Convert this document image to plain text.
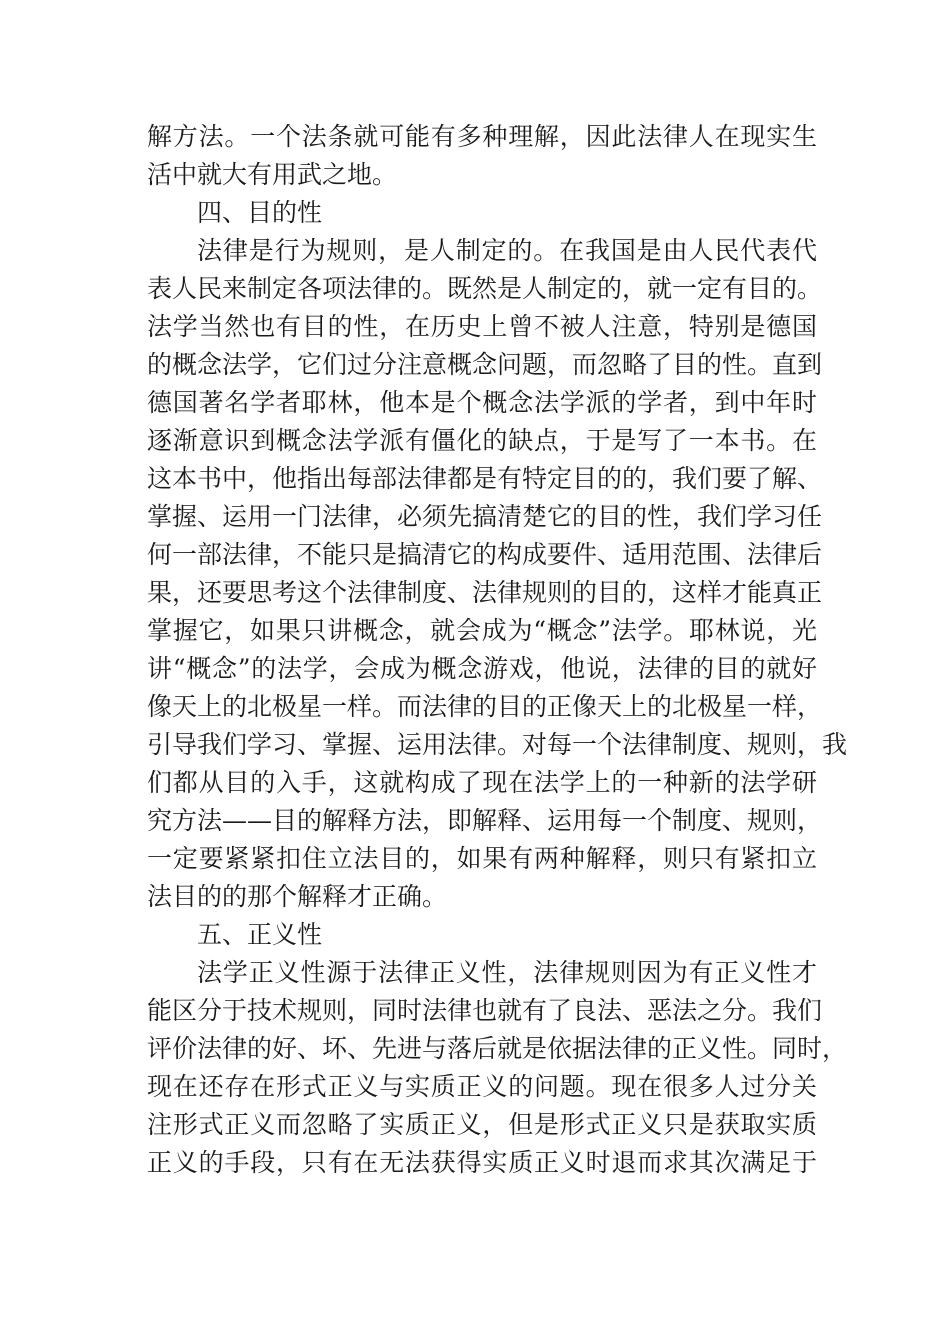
解方法。一个法条就可能有多种理解，因此法律人在现实生
活中就大有用武之地。
四、目的性
法律是行为规则，是人制定的。在我国是由人民代表代
表人民来制定各项法律的。既然是人制定的，就一定有目的。
法学当然也有目的性，在历史上曾不被人注意，特别是德国
的概念法学，它们过分注意概念问题，而忽略了目的性。直到
德国著名学者耶林，他本是个概念法学派的学者，到中年时
逐渐意识到概念法学派有僵化的缺点，于是写了一本书。在
这本书中，他指出每部法律都是有特定目的的，我们要了解、
掌握、运用一门法律，必须先搞清楚它的目的性，我们学习任
何一部法律，不能只是搞清它的构成要件、适用范围、法律后
果，还要思考这个法律制度、法律规则的目的，这样才能真正
掌握它，如果只讲概念，就会成为“概念”法学。耶林说，光
讲“概念”的法学，会成为概念游戏，他说，法律的目的就好
像天上的北极星一样。而法律的目的正像天上的北极星一样，
引导我们学习、掌握、运用法律。对每一个法律制度、规则，我
们都从目的入手，这就构成了现在法学上的一种新的法学研
究方法——目的解释方法，即解释、运用每一个制度、规则，
一定要紧紧扣住立法目的，如果有两种解释，则只有紧扣立
法目的的那个解释才正确。
五、正义性
法学正义性源于法律正义性，法律规则因为有正义性才
能区分于技术规则，同时法律也就有了良法、恶法之分。我们
评价法律的好、坏、先进与落后就是依据法律的正义性。同时，
现在还存在形式正义与实质正义的问题。现在很多人过分关
注形式正义而忽略了实质正义，但是形式正义只是获取实质
正义的手段，只有在无法获得实质正义时退而求其次满足于
